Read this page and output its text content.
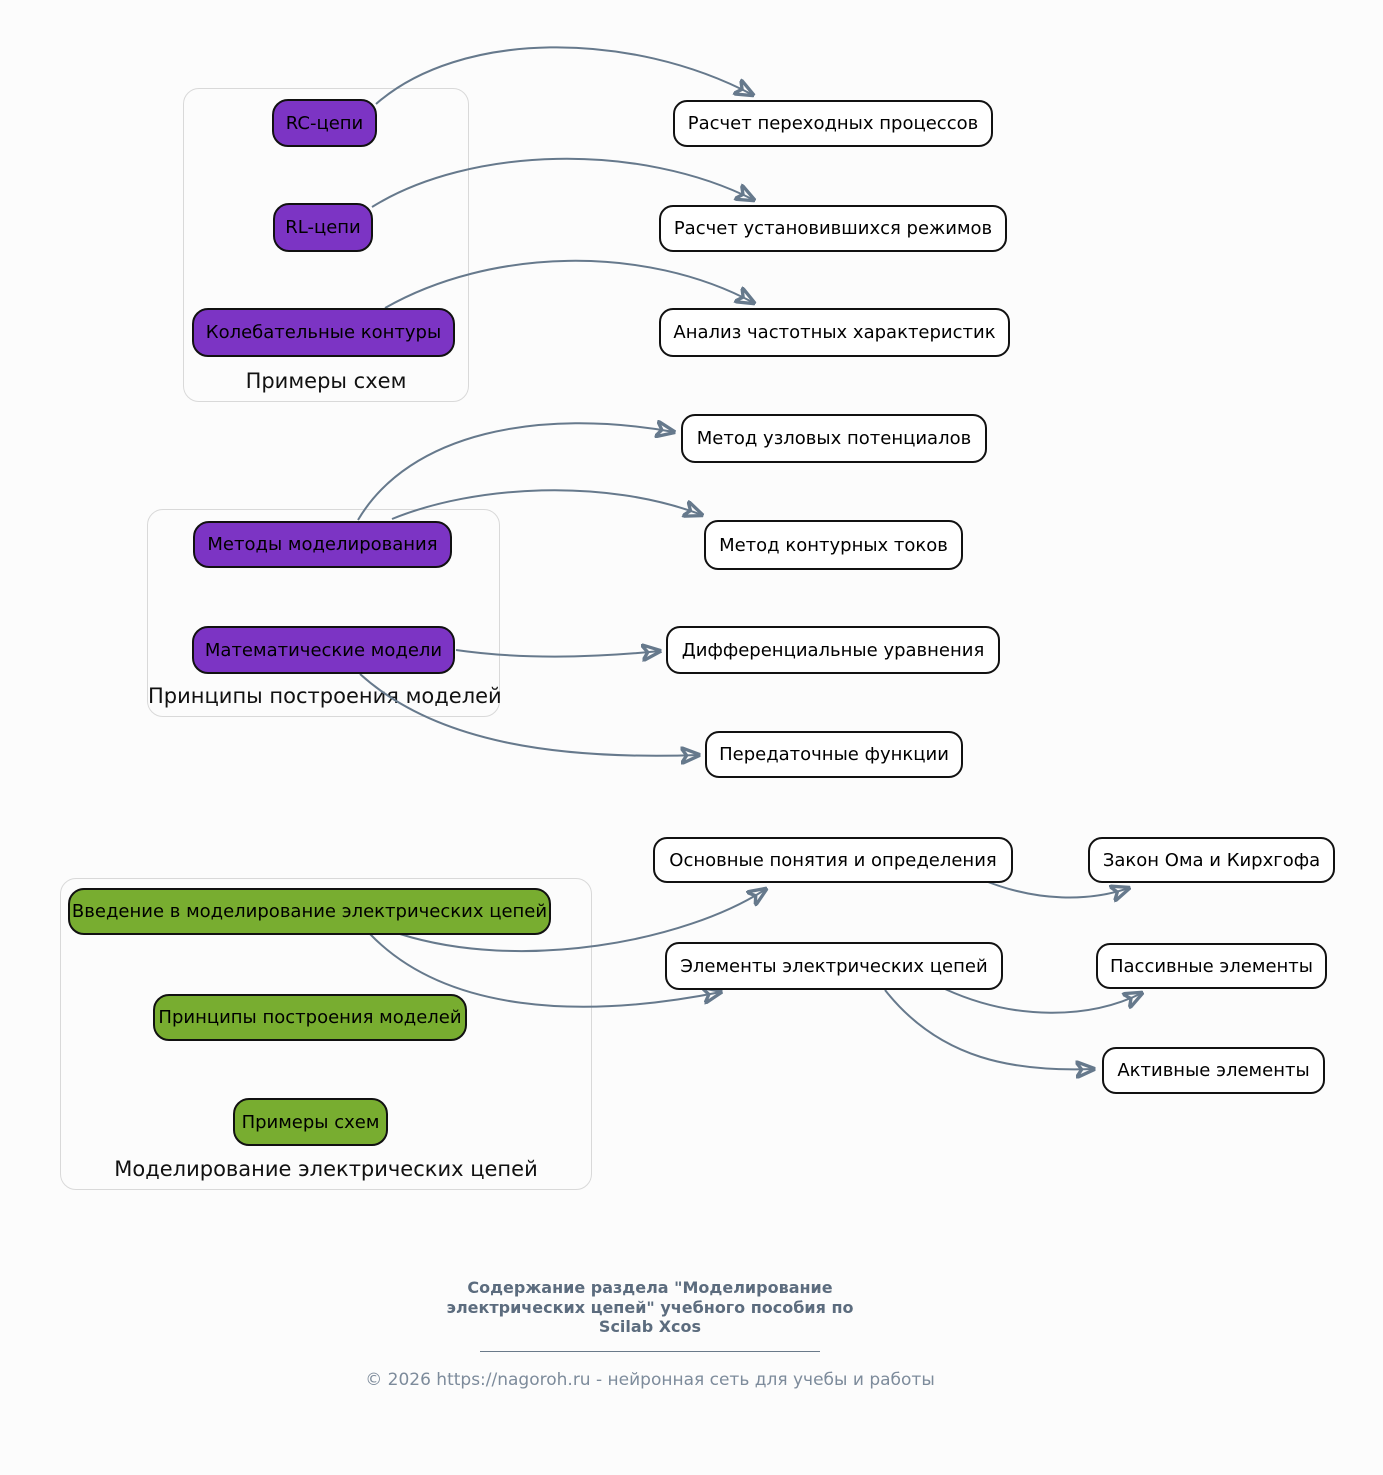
Примеры схем
Принципы построения моделей
Моделирование электрических цепей
RC-цепи
RL-цепи
Колебательные контуры
Расчет переходных процессов
Расчет установившихся режимов
Анализ частотных характеристик
Методы моделирования
Математические модели
Метод узловых потенциалов
Метод контурных токов
Дифференциальные уравнения
Передаточные функции
Введение в моделирование электрических цепей
Принципы построения моделей
Примеры схем
Основные понятия и определения
Элементы электрических цепей
Закон Ома и Кирхгофа
Пассивные элементы
Активные элементы
Содержание раздела "Моделирование
электрических цепей" учебного пособия по
Scilab Xcos
© 2026 https://nagoroh.ru - нейронная сеть для учебы и работы
